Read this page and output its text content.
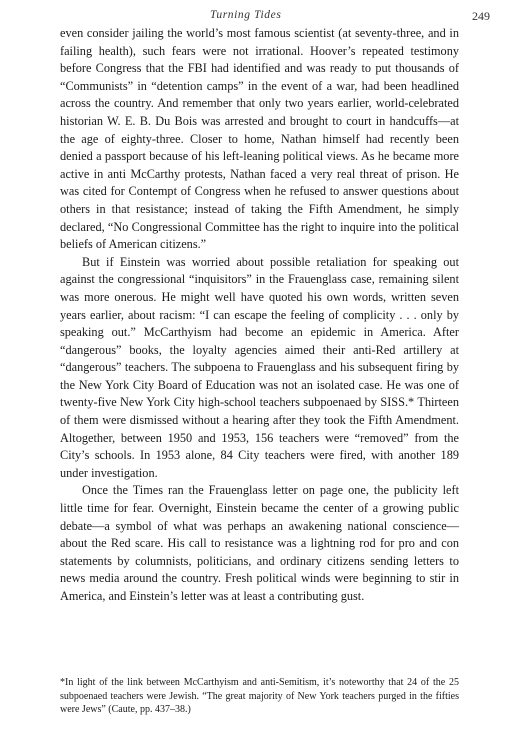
Turning Tides	249

even consider jailing the world’s most famous scientist (at seventy-three, and in failing health), such fears were not irrational. Hoover’s repeated testimony before Congress that the FBI had identified and was ready to put thousands of “Communists” in “detention camps” in the event of a war, had been headlined across the country. And remember that only two years earlier, world-celebrated historian W. E. B. Du Bois was arrested and brought to court in handcuffs—at the age of eighty-three. Closer to home, Nathan himself had recently been denied a passport because of his left-leaning political views. As he became more active in anti McCarthy protests, Nathan faced a very real threat of prison. He was cited for Contempt of Congress when he refused to answer questions about others in that resistance; instead of taking the Fifth Amendment, he simply declared, “No Congressional Committee has the right to inquire into the political beliefs of American citizens.”

But if Einstein was worried about possible retaliation for speaking out against the congressional “inquisitors” in the Frauenglass case, remaining silent was more onerous. He might well have quoted his own words, written seven years earlier, about racism: “I can escape the feeling of complicity . . . only by speaking out.” McCarthyism had become an epidemic in America. After “dangerous” books, the loyalty agencies aimed their anti-Red artillery at “dangerous” teachers. The subpoena to Frauenglass and his subsequent firing by the New York City Board of Education was not an isolated case. He was one of twenty-five New York City high-school teachers subpoenaed by SISS.* Thirteen of them were dismissed without a hearing after they took the Fifth Amendment. Altogether, between 1950 and 1953, 156 teachers were “removed” from the City’s schools. In 1953 alone, 84 City teachers were fired, with another 189 under investigation.

Once the Times ran the Frauenglass letter on page one, the publicity left little time for fear. Overnight, Einstein became the center of a growing public debate—a symbol of what was perhaps an awakening national conscience—about the Red scare. His call to resistance was a lightning rod for pro and con statements by columnists, politicians, and ordinary citizens sending letters to news media around the country. Fresh political winds were beginning to stir in America, and Einstein’s letter was at least a contributing gust.

*In light of the link between McCarthyism and anti-Semitism, it’s noteworthy that 24 of the 25 subpoenaed teachers were Jewish. “The great majority of New York teachers purged in the fifties were Jews” (Caute, pp. 437–38.)
